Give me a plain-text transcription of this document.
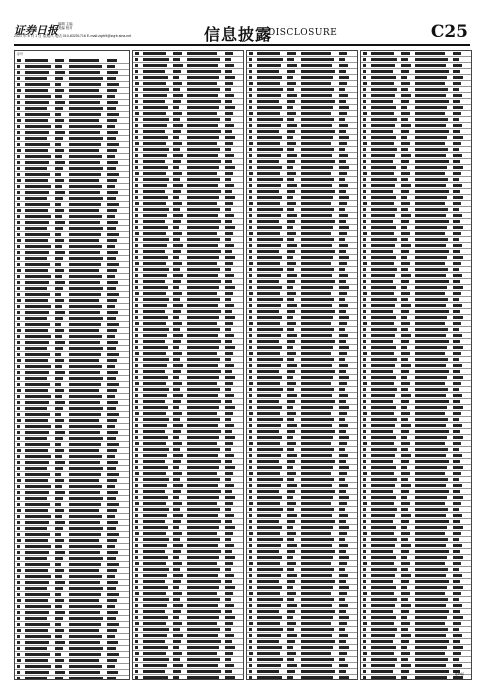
证券日报 编辑 主编
美编 校对
2021 年 8 月 1 日 星期六 电话 010-83251716 E-mail:zqrb9@zqrb.sina.net	信息披露
DISCLOSURE	C25
序号
第25版
